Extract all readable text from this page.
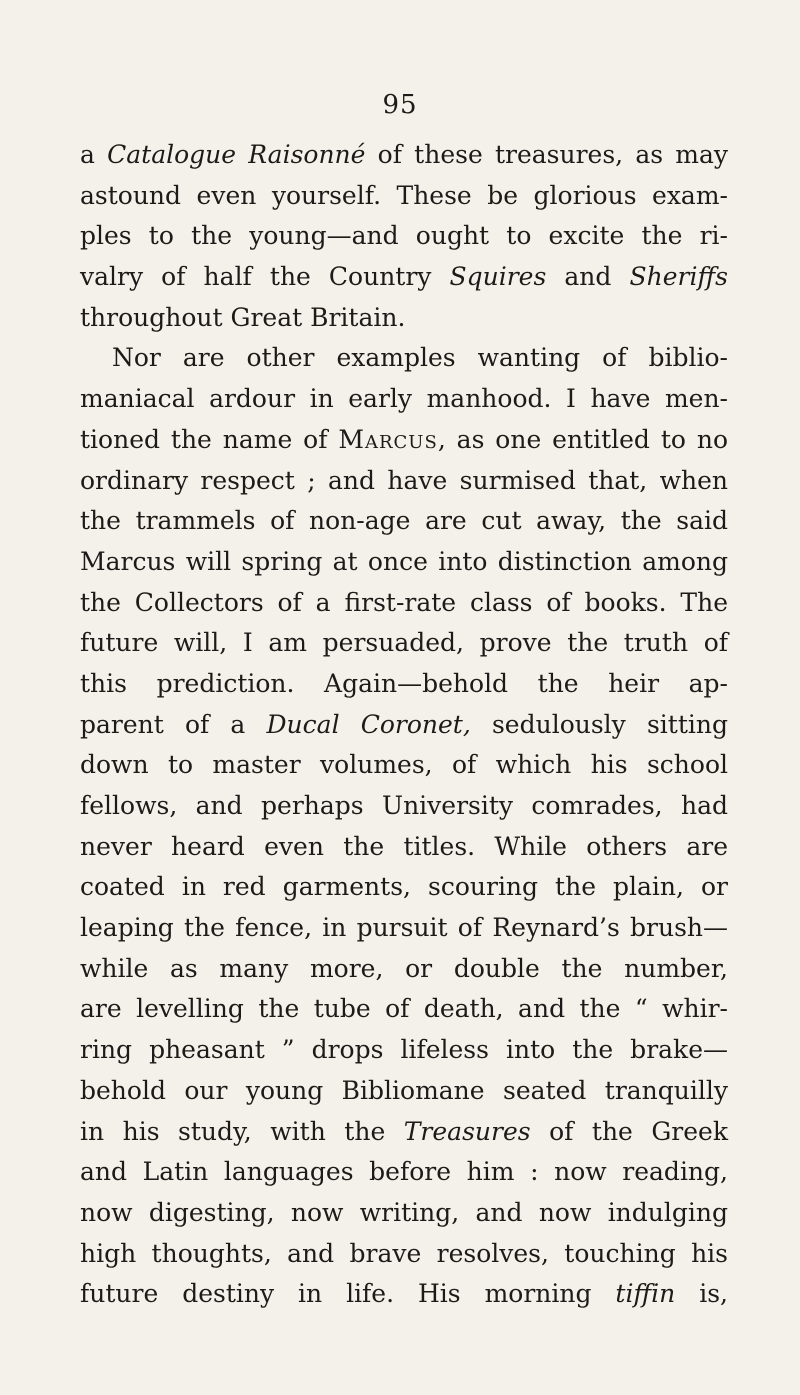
95
a Catalogue Raisonné of these treasures, as may
astound even yourself. These be glorious exam-
ples to the young—and ought to excite the ri-
valry of half the Country Squires and Sheriffs
throughout Great Britain.
Nor are other examples wanting of biblio-
maniacal ardour in early manhood. I have men-
tioned the name of Marcus, as one entitled to no
ordinary respect ; and have surmised that, when
the trammels of non-age are cut away, the said
Marcus will spring at once into distinction among
the Collectors of a first-rate class of books. The
future will, I am persuaded, prove the truth of
this prediction. Again—behold the heir ap-
parent of a Ducal Coronet, sedulously sitting
down to master volumes, of which his school
fellows, and perhaps University comrades, had
never heard even the titles. While others are
coated in red garments, scouring the plain, or
leaping the fence, in pursuit of Reynard’s brush—
while as many more, or double the number,
are levelling the tube of death, and the “ whir-
ring pheasant ” drops lifeless into the brake—
behold our young Bibliomane seated tranquilly
in his study, with the Treasures of the Greek
and Latin languages before him : now reading,
now digesting, now writing, and now indulging
high thoughts, and brave resolves, touching his
future destiny in life. His morning tiffin is,
